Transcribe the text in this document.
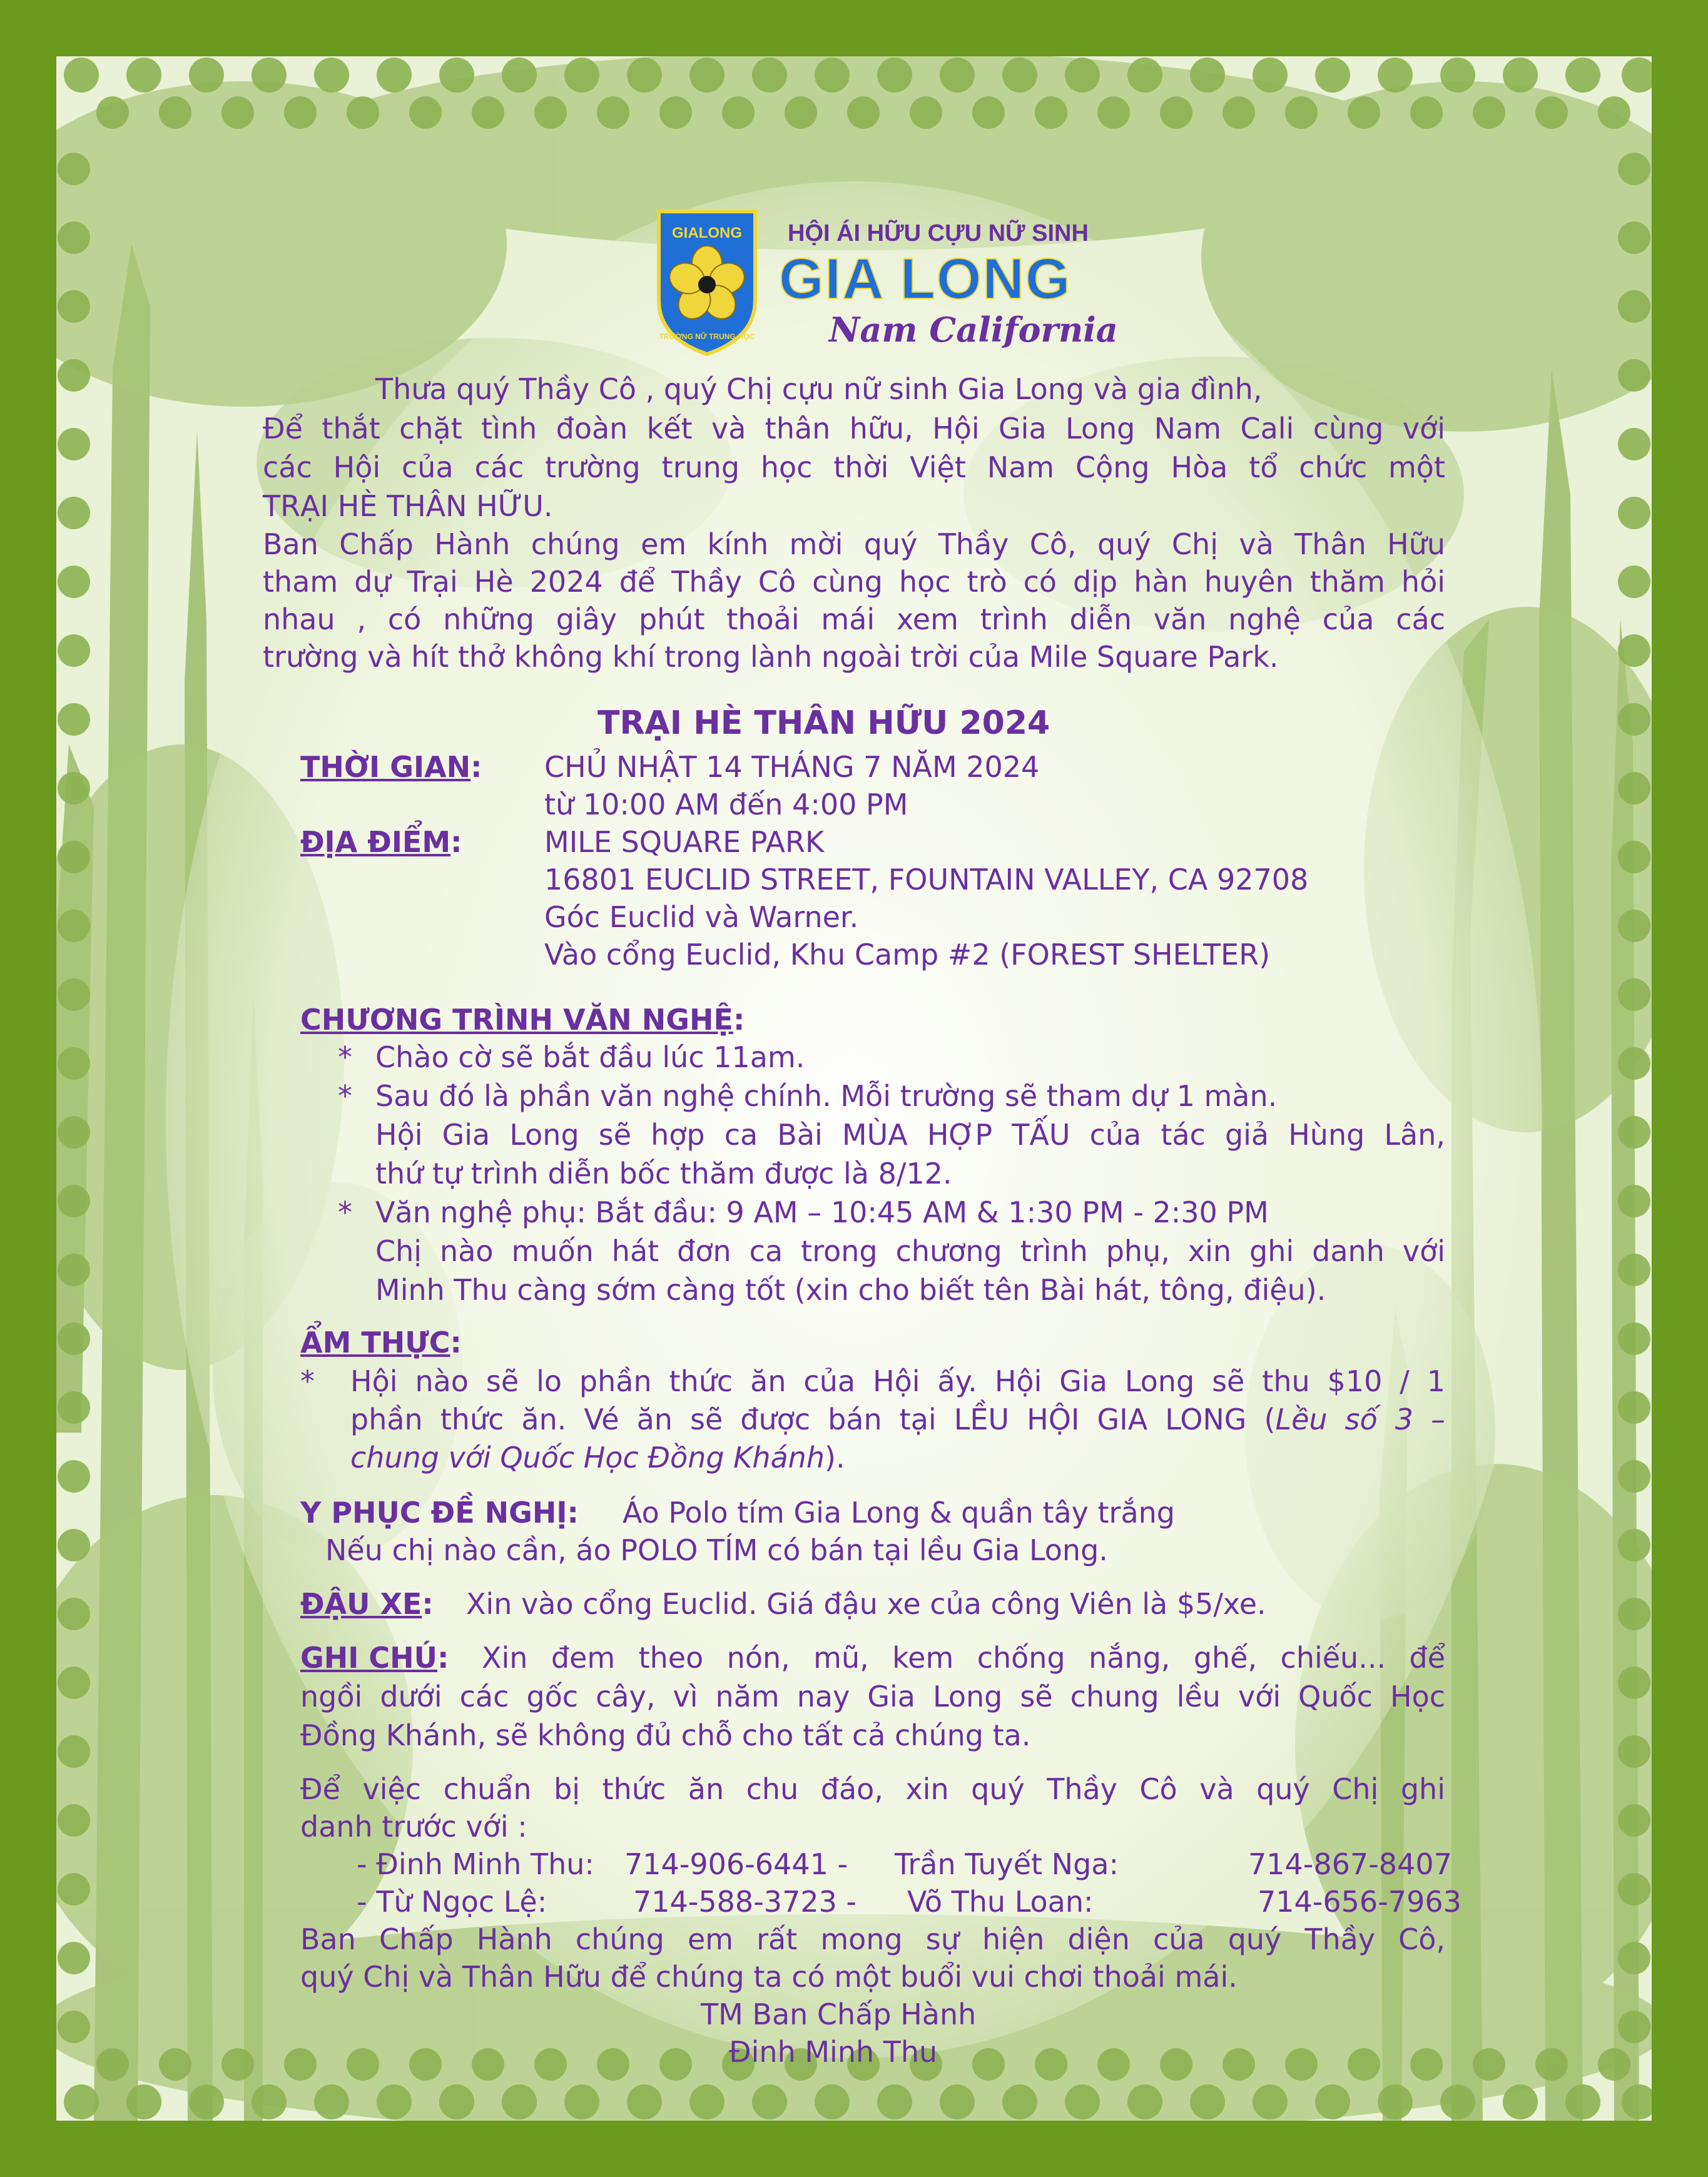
GIALONG
TRƯỜNG NỮ TRUNG-HỌC
HỘI ÁI HỮU CỰU NỮ SINH
GIA LONG
Nam California
Thưa quý Thầy Cô , quý Chị cựu nữ sinh Gia Long và gia đình,
Để thắt chặt tình đoàn kết và thân hữu, Hội Gia Long Nam Cali cùng với
các Hội của các trường trung học thời Việt Nam Cộng Hòa tổ chức một
TRẠI HÈ THÂN HỮU.
Ban Chấp Hành chúng em kính mời quý Thầy Cô, quý Chị và Thân Hữu
tham dự Trại Hè 2024 để Thầy Cô cùng học trò có dịp hàn huyên thăm hỏi
nhau , có những giây phút thoải mái xem trình diễn văn nghệ của các
trường và hít thở không khí trong lành ngoài trời của Mile Square Park.
TRẠI HÈ THÂN HỮU 2024
THỜI GIAN: CHỦ NHẬT 14 THÁNG 7 NĂM 2024
từ 10:00 AM đến 4:00 PM
ĐỊA ĐIỂM:	MILE SQUARE PARK
16801 EUCLID STREET, FOUNTAIN VALLEY, CA 92708
Góc Euclid và Warner.
Vào cổng Euclid, Khu Camp #2 (FOREST SHELTER)
CHƯƠNG TRÌNH VĂN NGHỆ:
* Chào cờ sẽ bắt đầu lúc 11am.
* Sau đó là phần văn nghệ chính. Mỗi trường sẽ tham dự 1 màn.
Hội Gia Long sẽ hợp ca Bài MÙA HỢP TẤU của tác giả Hùng Lân,
thứ tự trình diễn bốc thăm được là 8/12.
* Văn nghệ phụ: Bắt đầu: 9 AM – 10:45 AM & 1:30 PM - 2:30 PM
Chị nào muốn hát đơn ca trong chương trình phụ, xin ghi danh với
Minh Thu càng sớm càng tốt (xin cho biết tên Bài hát, tông, điệu).
ẨM THỰC:
* Hội nào sẽ lo phần thức ăn của Hội ấy. Hội Gia Long sẽ thu $10 / 1
phần thức ăn. Vé ăn sẽ được bán tại LỀU HỘI GIA LONG (Lều số 3 –
chung với Quốc Học Đồng Khánh).
Y PHỤC ĐỀ NGHỊ: Áo Polo tím Gia Long & quần tây trắng
Nếu chị nào cần, áo POLO TÍM có bán tại lều Gia Long.
ĐẬU XE: Xin vào cổng Euclid. Giá đậu xe của công Viên là $5/xe.
GHI CHÚ: Xin đem theo nón, mũ, kem chống nắng, ghế, chiếu... để
ngồi dưới các gốc cây, vì năm nay Gia Long sẽ chung lều với Quốc Học
Đồng Khánh, sẽ không đủ chỗ cho tất cả chúng ta.
Để việc chuẩn bị thức ăn chu đáo, xin quý Thầy Cô và quý Chị ghi
danh trước với :
- Đinh Minh Thu: 714-906-6441 - Trần Tuyết Nga:	714-867-8407
- Từ Ngọc Lệ:	714-588-3723 - Võ Thu Loan:	714-656-7963
Ban Chấp Hành chúng em rất mong sự hiện diện của quý Thầy Cô,
quý Chị và Thân Hữu để chúng ta có một buổi vui chơi thoải mái.
TM Ban Chấp Hành
Đinh Minh Thu
